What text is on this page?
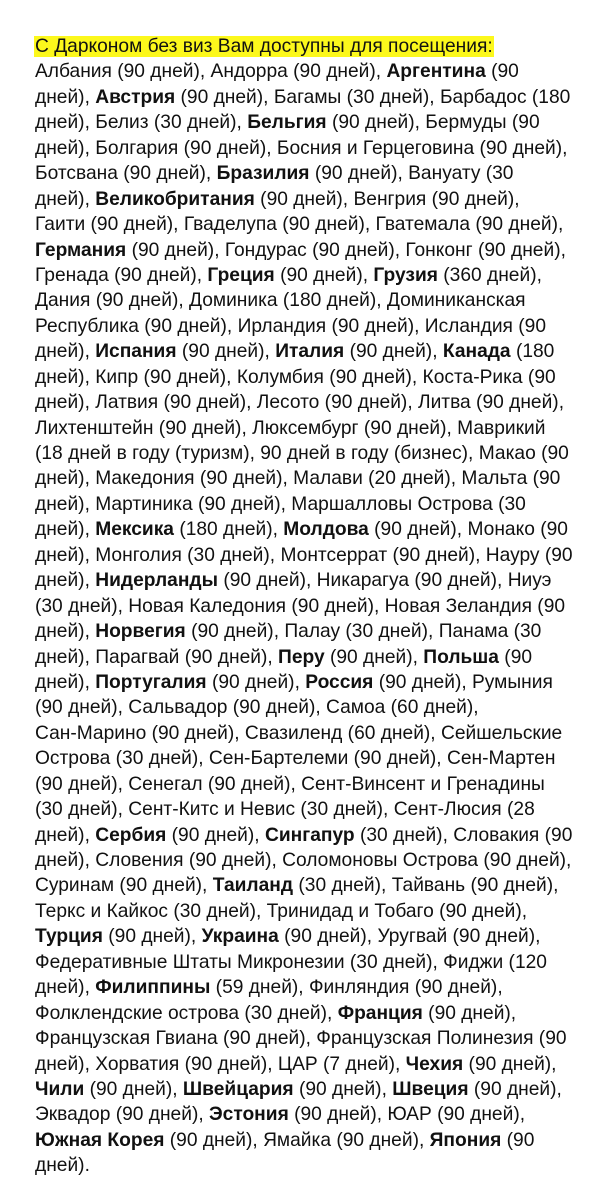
С Дарконом без виз Вам доступны для посещения:
Албания (90 дней), Андорра (90 дней), Аргентина (90
дней), Австрия (90 дней), Багамы (30 дней), Барбадос (180
дней), Белиз (30 дней), Бельгия (90 дней), Бермуды (90
дней), Болгария (90 дней), Босния и Герцеговина (90 дней),
Ботсвана (90 дней), Бразилия (90 дней), Вануату (30
дней), Великобритания (90 дней), Венгрия (90 дней),
Гаити (90 дней), Гваделупа (90 дней), Гватемала (90 дней),
Германия (90 дней), Гондурас (90 дней), Гонконг (90 дней),
Гренада (90 дней), Греция (90 дней), Грузия (360 дней),
Дания (90 дней), Доминика (180 дней), Доминиканская
Республика (90 дней), Ирландия (90 дней), Исландия (90
дней), Испания (90 дней), Италия (90 дней), Канада (180
дней), Кипр (90 дней), Колумбия (90 дней), Коста-Рика (90
дней), Латвия (90 дней), Лесото (90 дней), Литва (90 дней),
Лихтенштейн (90 дней), Люксембург (90 дней), Маврикий
(18 дней в году (туризм), 90 дней в году (бизнес), Макао (90
дней), Македония (90 дней), Малави (20 дней), Мальта (90
дней), Мартиника (90 дней), Маршалловы Острова (30
дней), Мексика (180 дней), Молдова (90 дней), Монако (90
дней), Монголия (30 дней), Монтсеррат (90 дней), Науру (90
дней), Нидерланды (90 дней), Никарагуа (90 дней), Ниуэ
(30 дней), Новая Каледония (90 дней), Новая Зеландия (90
дней), Норвегия (90 дней), Палау (30 дней), Панама (30
дней), Парагвай (90 дней), Перу (90 дней), Польша (90
дней), Португалия (90 дней), Россия (90 дней), Румыния
(90 дней), Сальвадор (90 дней), Самоа (60 дней),
Сан-Марино (90 дней), Свазиленд (60 дней), Сейшельские
Острова (30 дней), Сен-Бартелеми (90 дней), Сен-Мартен
(90 дней), Сенегал (90 дней), Сент-Винсент и Гренадины
(30 дней), Сент-Китс и Невис (30 дней), Сент-Люсия (28
дней), Сербия (90 дней), Сингапур (30 дней), Словакия (90
дней), Словения (90 дней), Соломоновы Острова (90 дней),
Суринам (90 дней), Таиланд (30 дней), Тайвань (90 дней),
Теркс и Кайкос (30 дней), Тринидад и Тобаго (90 дней),
Турция (90 дней), Украина (90 дней), Уругвай (90 дней),
Федеративные Штаты Микронезии (30 дней), Фиджи (120
дней), Филиппины (59 дней), Финляндия (90 дней),
Фолклендские острова (30 дней), Франция (90 дней),
Французская Гвиана (90 дней), Французская Полинезия (90
дней), Хорватия (90 дней), ЦАР (7 дней), Чехия (90 дней),
Чили (90 дней), Швейцария (90 дней), Швеция (90 дней),
Эквадор (90 дней), Эстония (90 дней), ЮАР (90 дней),
Южная Корея (90 дней), Ямайка (90 дней), Япония (90
дней).
